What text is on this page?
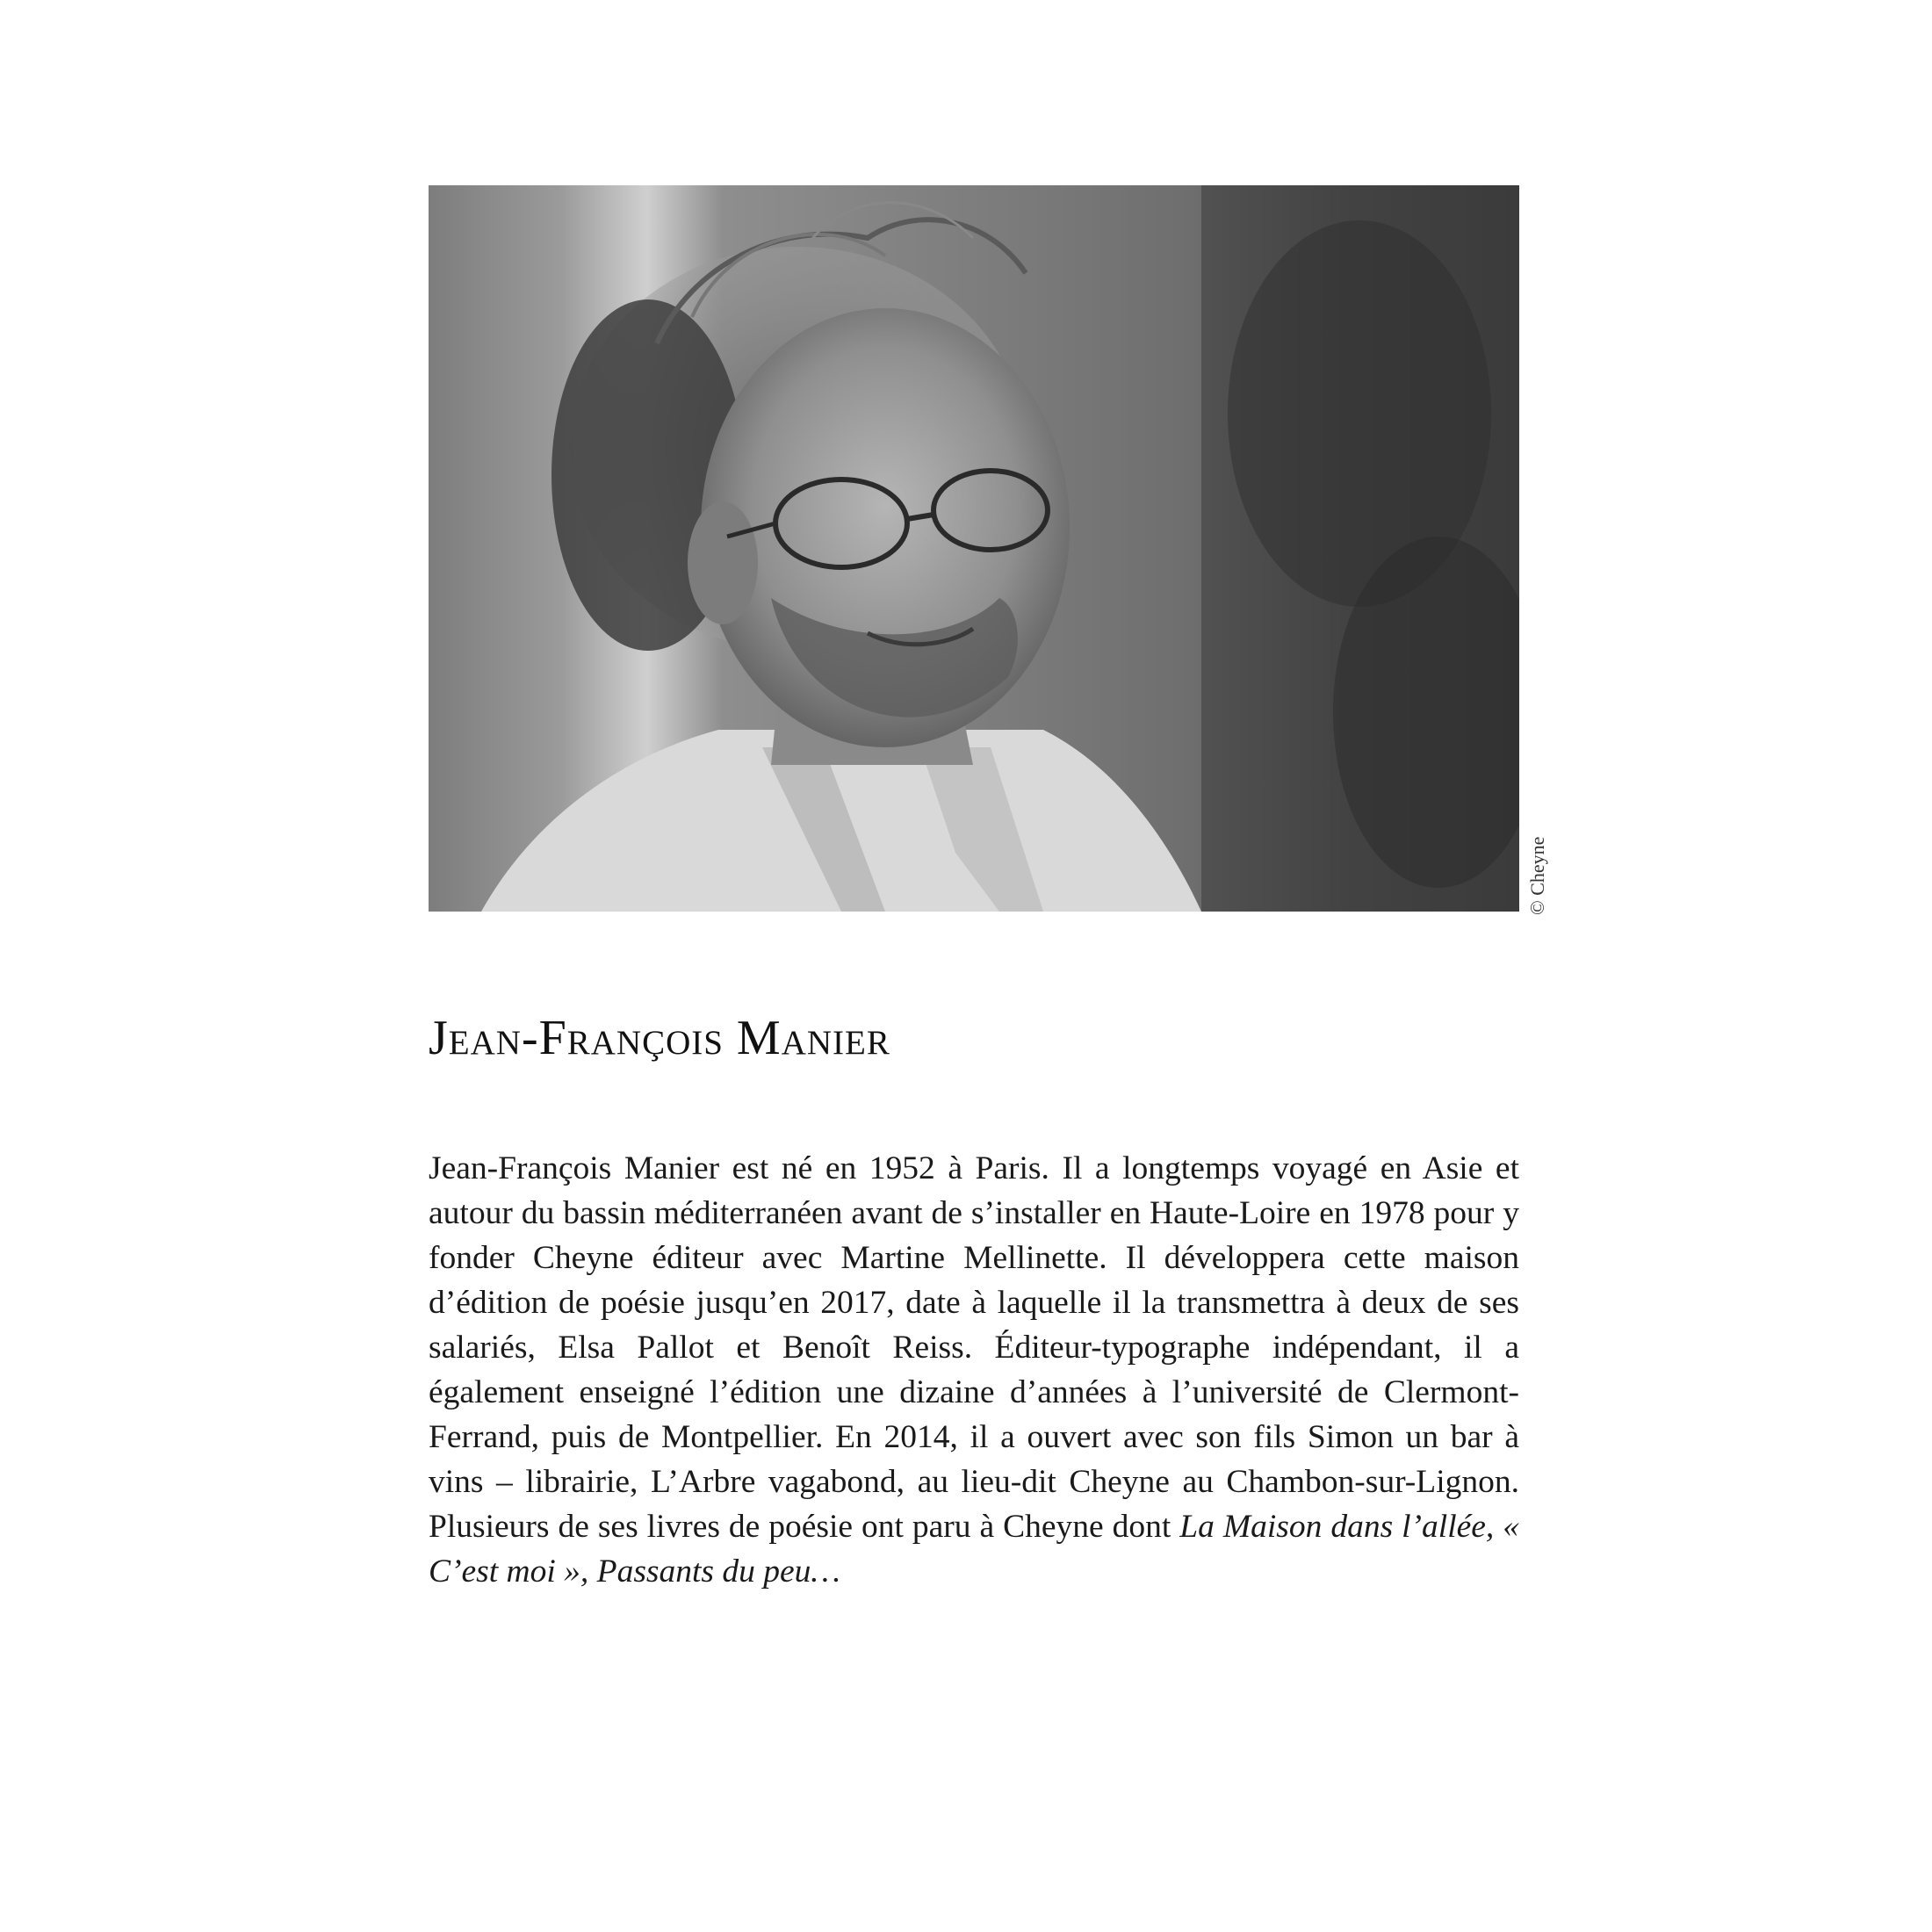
© Cheyne
Jean-François Manier

Jean-François Manier est né en 1952 à Paris. Il a longtemps voyagé en Asie et autour du bassin méditerranéen avant de s’installer en Haute-Loire en 1978 pour y fonder Cheyne éditeur avec Martine Mellinette. Il développera cette maison d’édition de poésie jusqu’en 2017, date à laquelle il la transmettra à deux de ses salariés, Elsa Pallot et Benoît Reiss. Éditeur-typographe indépendant, il a également enseigné l’édition une dizaine d’années à l’université de Clermont-Ferrand, puis de Montpellier. En 2014, il a ouvert avec son fils Simon un bar à vins – librairie, L’Arbre vagabond, au lieu-dit Cheyne au Chambon-sur-Lignon. Plusieurs de ses livres de poésie ont paru à Cheyne dont La Maison dans l’allée, « C’est moi », Passants du peu…
